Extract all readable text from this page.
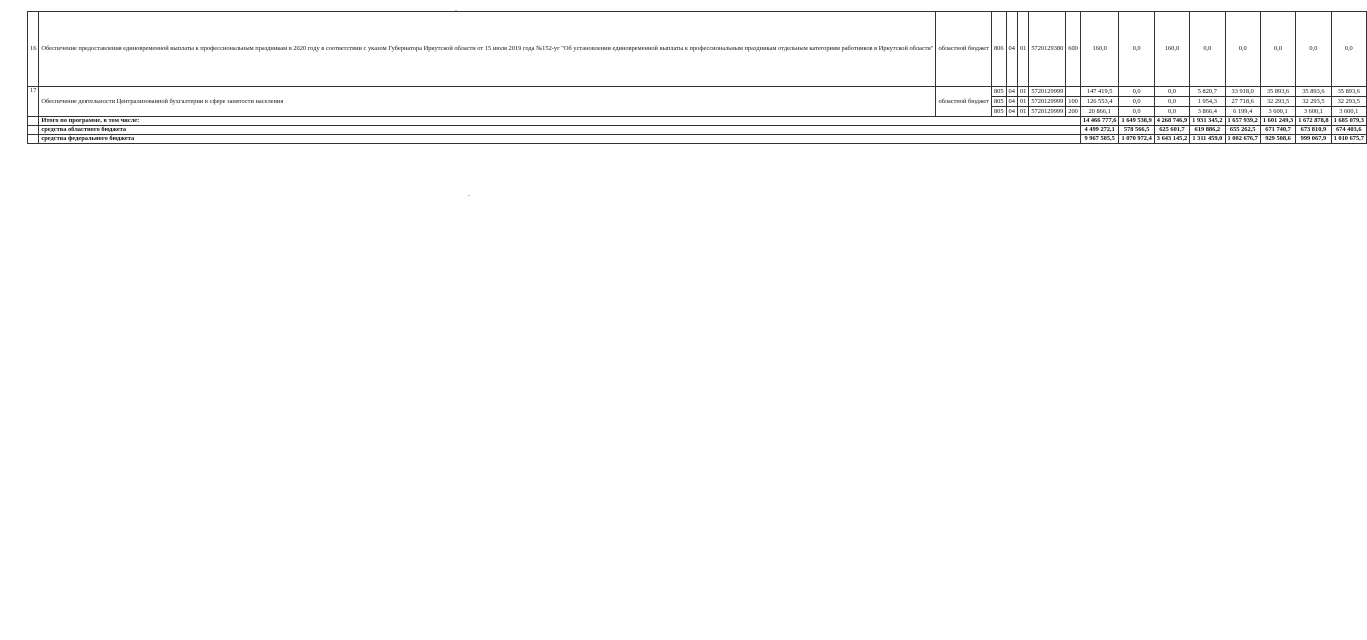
16	Обеспечение предоставления единовременной выплаты к профессиональным праздникам в 2020 году в соответствии с указом Губернатора Иркутской области от 15 июля 2019 года №152-уг "Об установлении единовременной выплаты к профессиональным праздникам отдельным категориям работников в Иркутской области"	областной бюджет	806	04	01	5720129380	600	160,0	0,0	160,0	0,0	0,0	0,0	0,0	0,0
17	Обеспечение деятельности Централизованной бухгалтерии в сфере занятости населения	областной бюджет	805	04	01	5720129999		147 419,5	0,0	0,0	5 820,7	33 918,0	35 893,6	35 893,6	35 893,6
			805	04	01	5720129999	100	126 553,4	0,0	0,0	1 954,3	27 718,6	32 293,5	32 293,5	32 293,5
			805	04	01	5720129999	200	20 866,1	0,0	0,0	3 866,4	6 199,4	3 600,1	3 600,1	3 600,1
	Итого по программе, в том числе:							14 466 777,6	1 649 538,9	4 268 746,9	1 931 345,2	1 657 939,2	1 601 249,3	1 672 878,8	1 685 079,3
	средства областного бюджета							4 499 272,1	578 566,5	625 601,7	619 886,2	655 262,5	671 740,7	673 810,9	674 403,6
	средства федерального бюджета							9 967 505,5	1 070 972,4	3 643 145,2	1 311 459,0	1 002 676,7	929 508,6	999 067,9	1 010 675,7
